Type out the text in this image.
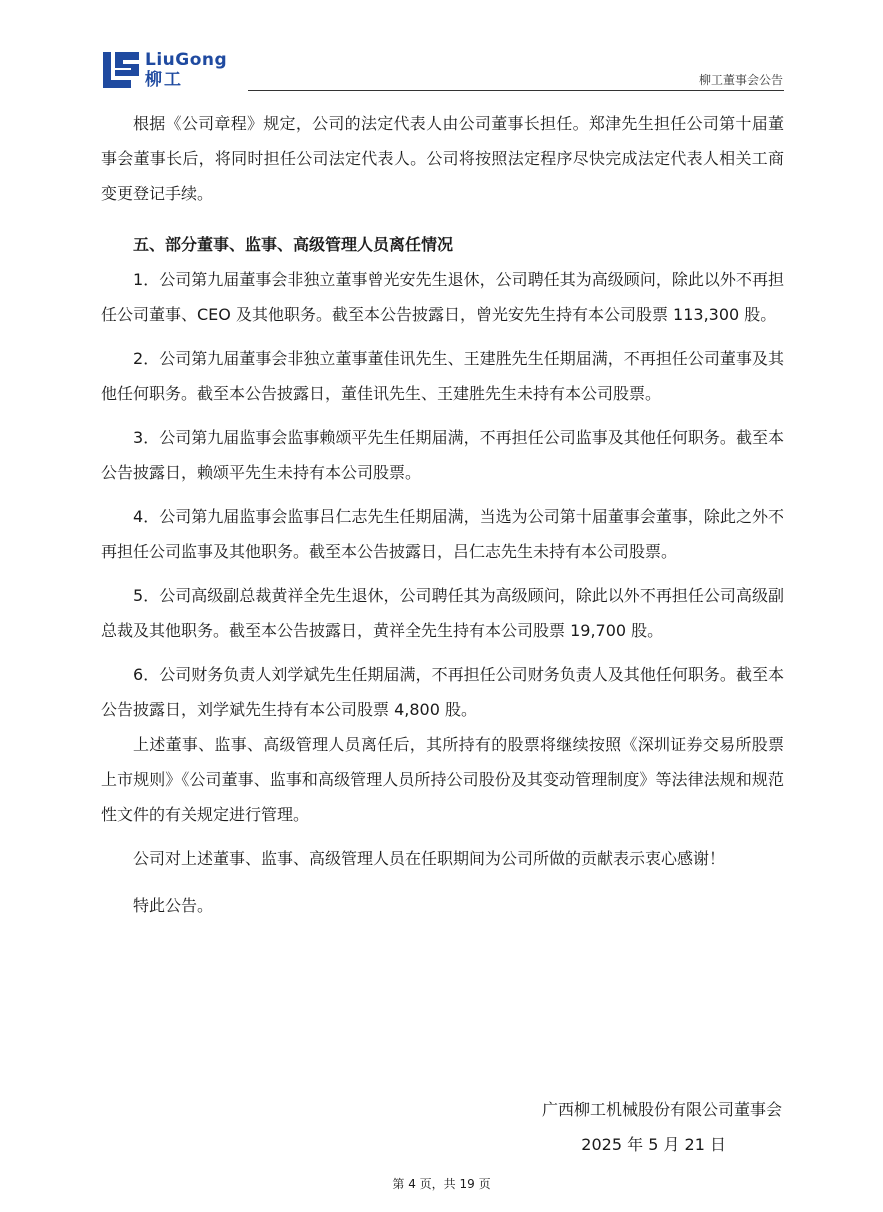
LiuGong
柳工	柳工董事会公告

根据《公司章程》规定，公司的法定代表人由公司董事长担任。郑津先生担任公司第十届董事会董事长后，将同时担任公司法定代表人。公司将按照法定程序尽快完成法定代表人相关工商变更登记手续。

五、部分董事、监事、高级管理人员离任情况

1．公司第九届董事会非独立董事曾光安先生退休，公司聘任其为高级顾问，除此以外不再担任公司董事、CEO 及其他职务。截至本公告披露日，曾光安先生持有本公司股票 113,300 股。

2．公司第九届董事会非独立董事董佳讯先生、王建胜先生任期届满，不再担任公司董事及其他任何职务。截至本公告披露日，董佳讯先生、王建胜先生未持有本公司股票。

3．公司第九届监事会监事赖颂平先生任期届满，不再担任公司监事及其他任何职务。截至本公告披露日，赖颂平先生未持有本公司股票。

4．公司第九届监事会监事吕仁志先生任期届满，当选为公司第十届董事会董事，除此之外不再担任公司监事及其他职务。截至本公告披露日，吕仁志先生未持有本公司股票。

5．公司高级副总裁黄祥全先生退休，公司聘任其为高级顾问，除此以外不再担任公司高级副总裁及其他职务。截至本公告披露日，黄祥全先生持有本公司股票 19,700 股。

6．公司财务负责人刘学斌先生任期届满，不再担任公司财务负责人及其他任何职务。截至本公告披露日，刘学斌先生持有本公司股票 4,800 股。

上述董事、监事、高级管理人员离任后，其所持有的股票将继续按照《深圳证券交易所股票上市规则》《公司董事、监事和高级管理人员所持公司股份及其变动管理制度》等法律法规和规范性文件的有关规定进行管理。

公司对上述董事、监事、高级管理人员在任职期间为公司所做的贡献表示衷心感谢！

特此公告。

广西柳工机械股份有限公司董事会
2025 年 5 月 21 日
第 4 页，共 19 页
